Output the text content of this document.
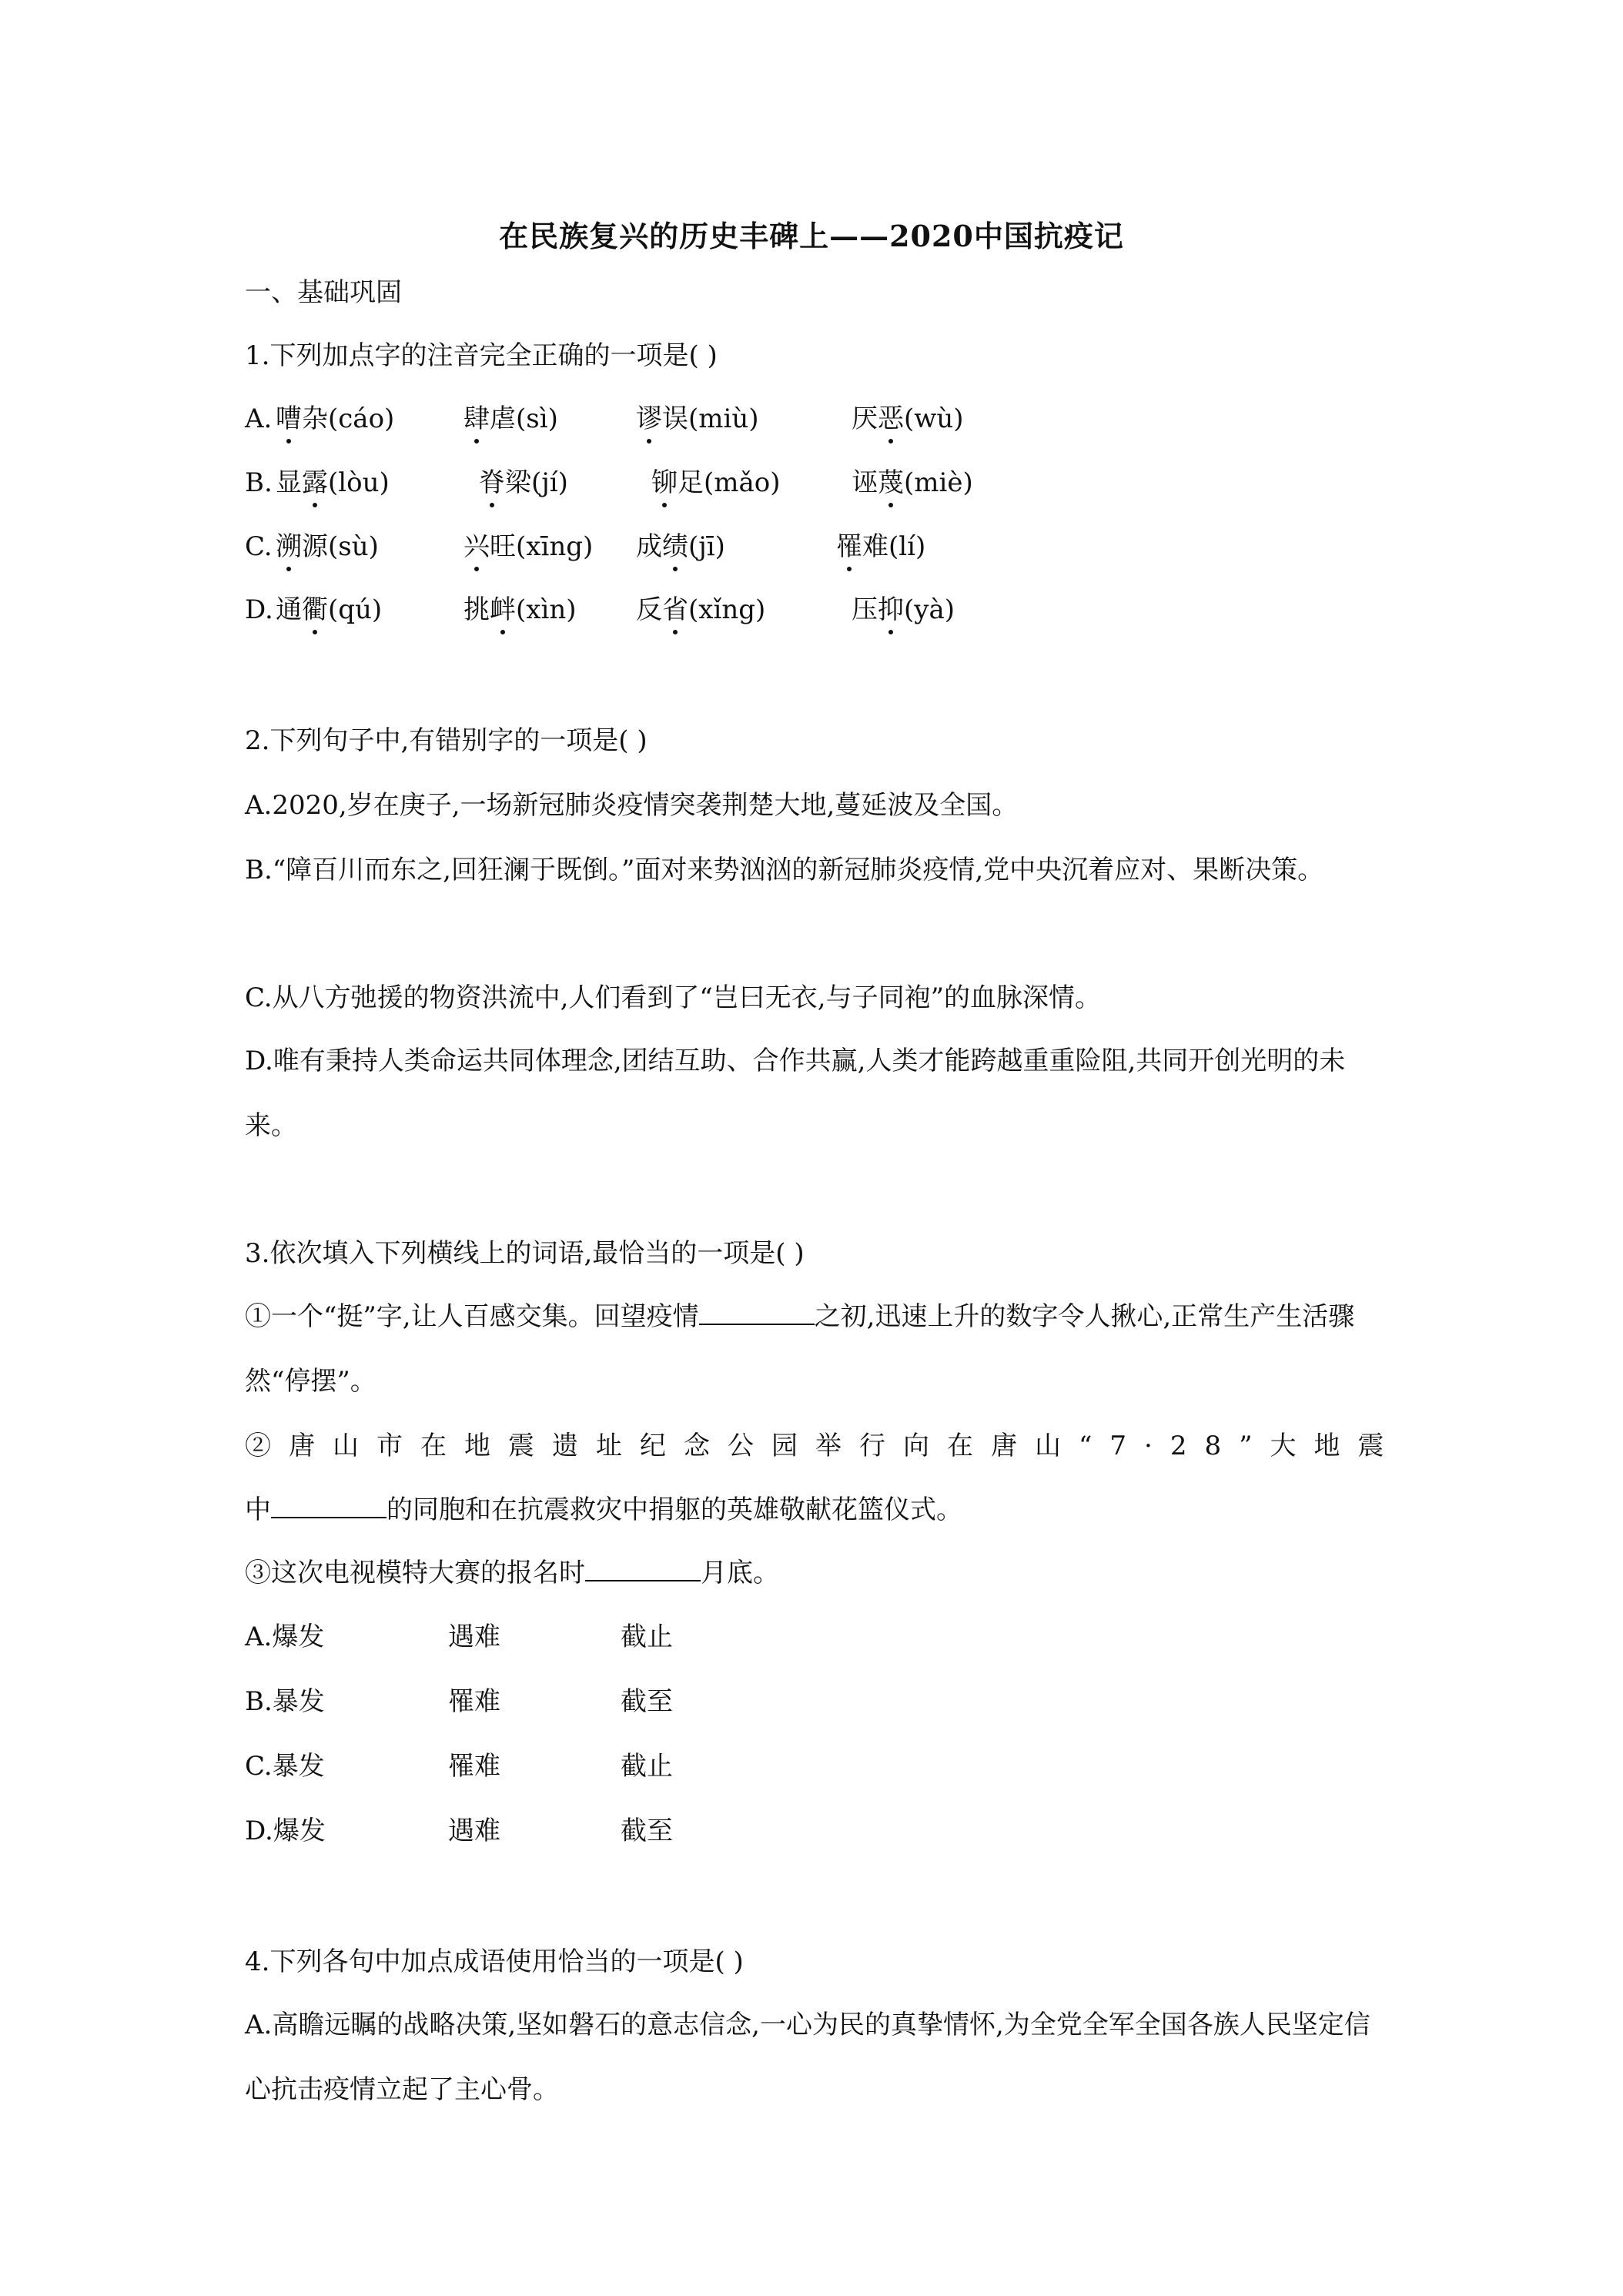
在民族复兴的历史丰碑上——2020中国抗疫记
一、基础巩固
1.下列加点字的注音完全正确的一项是( )
A. 嘈杂(cáo)	肆虐(sì)	谬误(miù)	厌恶(wù)
B. 显露(lòu)	脊梁(jí)	铆足(mǎo)	诬蔑(miè)
C. 溯源(sù)	兴旺(xīng) 成绩(jī)	罹难(lí)
D. 通衢(qú)	挑衅(xìn) 反省(xǐng)	压抑(yà)
2.下列句子中,有错别字的一项是( )
A.2020,岁在庚子,一场新冠肺炎疫情突袭荆楚大地,蔓延波及全国。
B.“障百川而东之,回狂澜于既倒。”面对来势汹汹的新冠肺炎疫情,党中央沉着应对、果断决策。
C.从八方弛援的物资洪流中,人们看到了“岂曰无衣,与子同袍”的血脉深情。
D.唯有秉持人类命运共同体理念,团结互助、合作共赢,人类才能跨越重重险阻,共同开创光明的未来。
3.依次填入下列横线上的词语,最恰当的一项是( )
①一个“挺”字,让人百感交集。回望疫情	之初,迅速上升的数字令人揪心,正常生产生活骤然“停摆”。
②唐山市在地震遗址纪念公园举行向在唐山“7·28”大地震
中	的同胞和在抗震救灾中捐躯的英雄敬献花篮仪式。
③这次电视模特大赛的报名时	月底。
A.爆发	遇难	截止
B.暴发	罹难	截至
C.暴发	罹难	截止
D.爆发	遇难	截至
4.下列各句中加点成语使用恰当的一项是( )
A.高瞻远瞩的战略决策,坚如磐石的意志信念,一心为民的真挚情怀,为全党全军全国各族人民坚定信心抗击疫情立起了主心骨。
